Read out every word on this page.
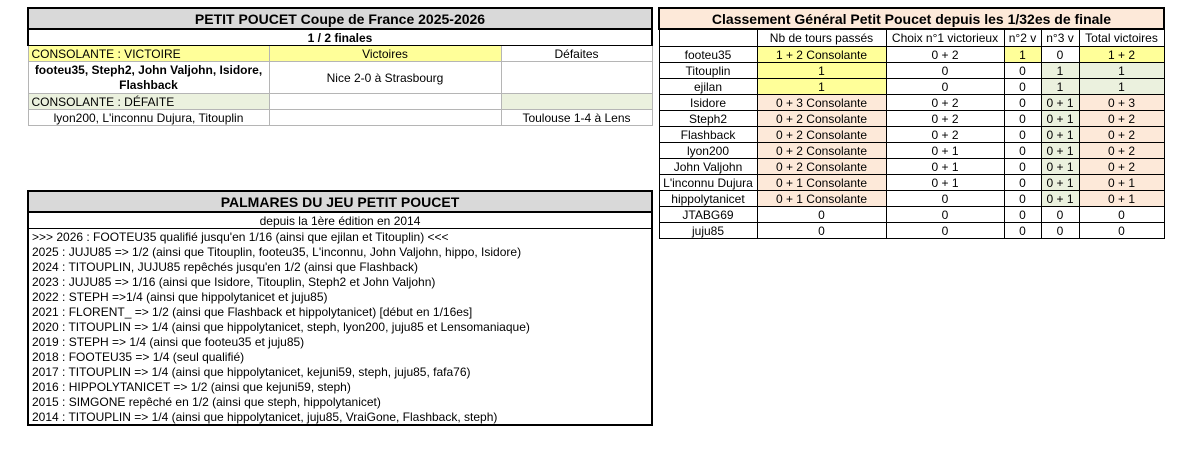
PETIT POUCET Coupe de France 2025-2026		
1 / 2 finales		
CONSOLANTE : VICTOIRE	Victoires	Défaites
footeu35, Steph2, John Valjohn, Isidore, Flashback	Nice 2-0 à Strasbourg	
CONSOLANTE : DÉFAITE		
lyon200, L'inconnu Dujura, Titouplin		Toulouse 1-4 à Lens
PALMARES DU JEU PETIT POUCET
depuis la 1ère édition en 2014
>>> 2026 : FOOTEU35 qualifié jusqu'en 1/16 (ainsi que ejilan et Titouplin) <<<
2025 : JUJU85 => 1/2 (ainsi que Titouplin, footeu35, L'inconnu, John Valjohn, hippo, Isidore)
2024 : TITOUPLIN, JUJU85 repêchés jusqu'en 1/2 (ainsi que Flashback)
2023 : JUJU85 => 1/16 (ainsi que Isidore, Titouplin, Steph2 et John Valjohn)
2022 : STEPH =>1/4 (ainsi que hippolytanicet et juju85)
2021 : FLORENT_ => 1/2 (ainsi que Flashback et hippolytanicet) [début en 1/16es]
2020 : TITOUPLIN => 1/4 (ainsi que hippolytanicet, steph, lyon200, juju85 et Lensomaniaque)
2019 : STEPH => 1/4 (ainsi que footeu35 et juju85)
2018 : FOOTEU35 => 1/4 (seul qualifié)
2017 : TITOUPLIN => 1/4 (ainsi que hippolytanicet, kejuni59, steph, juju85, fafa76)
2016 : HIPPOLYTANICET => 1/2 (ainsi que kejuni59, steph)
2015 : SIMGONE repêché en 1/2 (ainsi que steph, hippolytanicet)
2014 : TITOUPLIN => 1/4 (ainsi que hippolytanicet, juju85, VraiGone, Flashback, steph)
Classement Général Petit Poucet depuis les 1/32es de finale					
	Nb de tours passés	Choix n°1 victorieux	n°2 v	n°3 v	Total victoires
footeu35	1 + 2 Consolante	0 + 2	1	0	1 + 2
Titouplin	1	0	0	1	1
ejilan	1	0	0	1	1
Isidore	0 + 3 Consolante	0 + 2	0	0 + 1	0 + 3
Steph2	0 + 2 Consolante	0 + 2	0	0 + 1	0 + 2
Flashback	0 + 2 Consolante	0 + 2	0	0 + 1	0 + 2
lyon200	0 + 2 Consolante	0 + 1	0	0 + 1	0 + 2
John Valjohn	0 + 2 Consolante	0 + 1	0	0 + 1	0 + 2
L'inconnu Dujura	0 + 1 Consolante	0 + 1	0	0 + 1	0 + 1
hippolytanicet	0 + 1 Consolante	0	0	0 + 1	0 + 1
JTABG69	0	0	0	0	0
juju85	0	0	0	0	0
